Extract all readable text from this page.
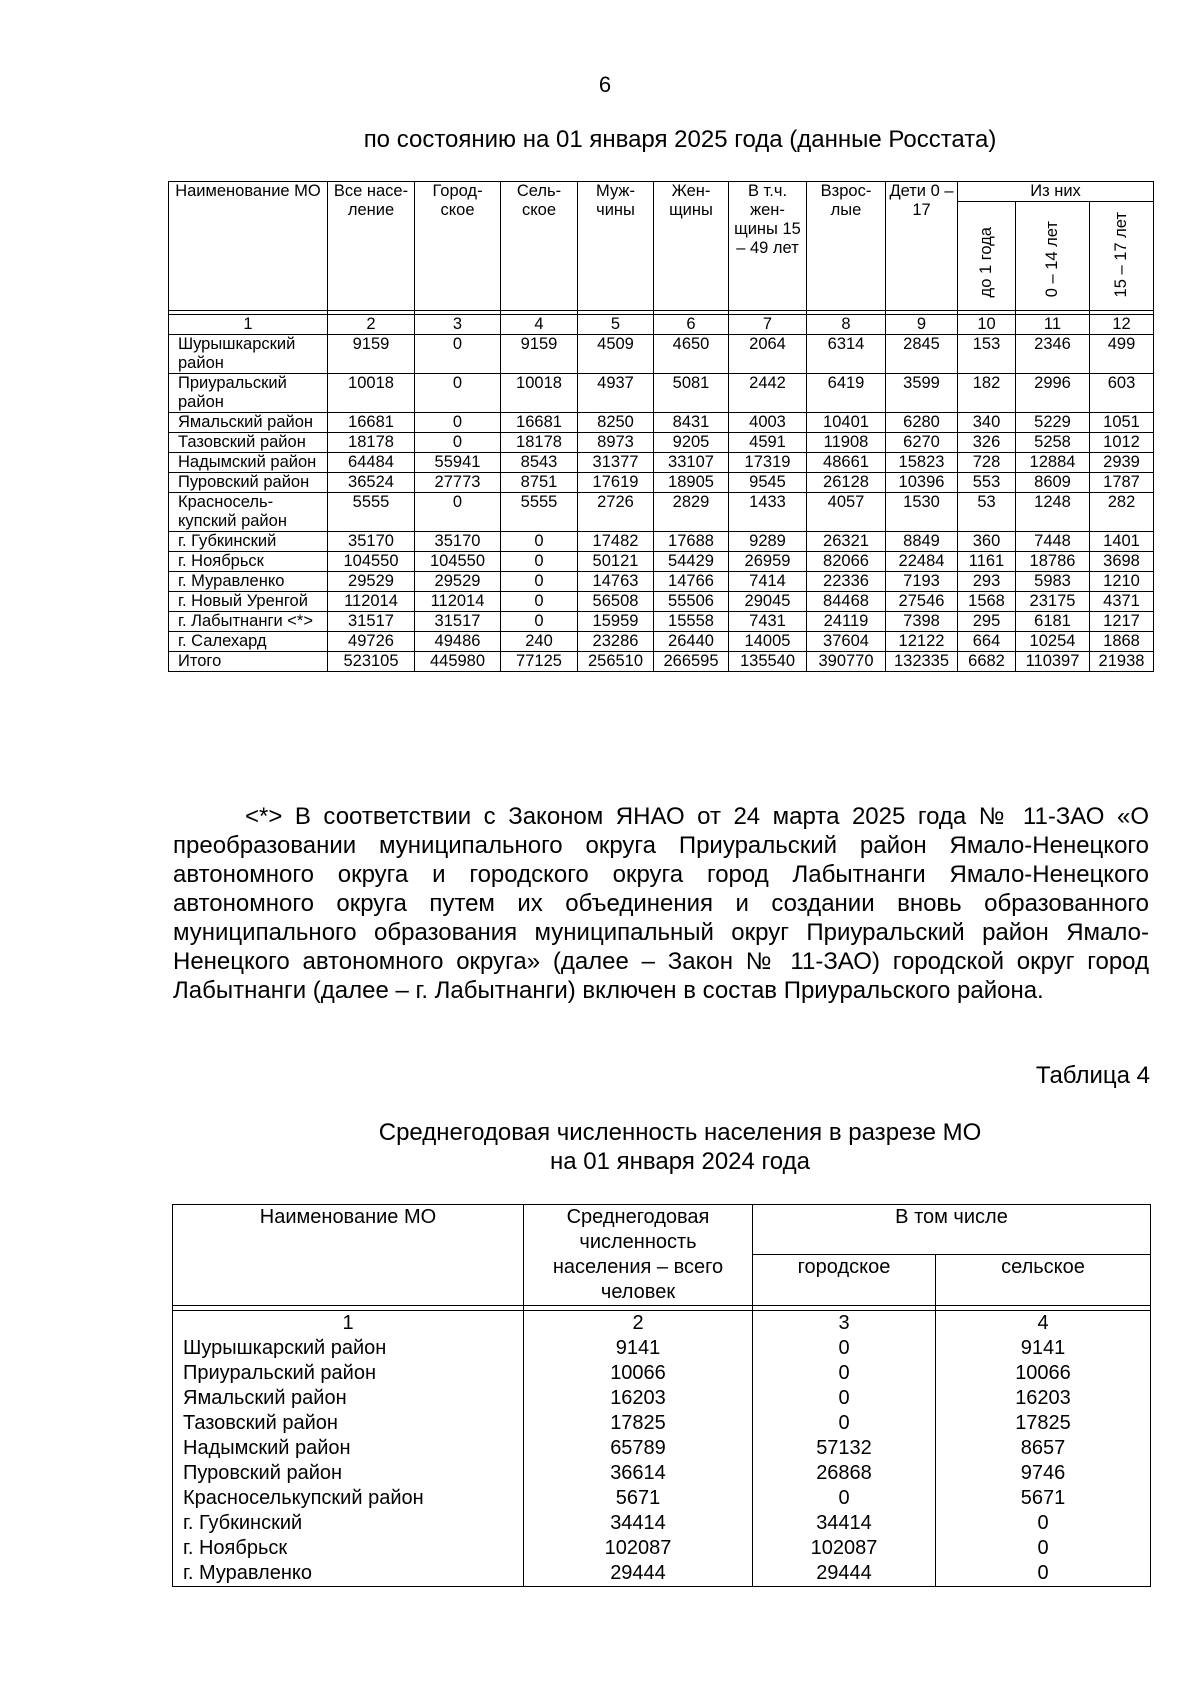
6
по состоянию на 01 января 2025 года (данные Росстата)
Наименование МО	Все насе-ление	Город-ское	Сель-ское	Муж-чины	Жен-щины	В т.ч. жен-щины 15 – 49 лет	Взрос-лые	Дети 0 – 17	Из них		
									до 1 года	0 – 14 лет	15 – 17 лет

1	2	3	4	5	6	7	8	9	10	11	12
Шурышкарский район	9159	0	9159	4509	4650	2064	6314	2845	153	2346	499
Приуральский район	10018	0	10018	4937	5081	2442	6419	3599	182	2996	603
Ямальский район	16681	0	16681	8250	8431	4003	10401	6280	340	5229	1051
Тазовский район	18178	0	18178	8973	9205	4591	11908	6270	326	5258	1012
Надымский район	64484	55941	8543	31377	33107	17319	48661	15823	728	12884	2939
Пуровский район	36524	27773	8751	17619	18905	9545	26128	10396	553	8609	1787
Красносель-купский район	5555	0	5555	2726	2829	1433	4057	1530	53	1248	282
г. Губкинский	35170	35170	0	17482	17688	9289	26321	8849	360	7448	1401
г. Ноябрьск	104550	104550	0	50121	54429	26959	82066	22484	1161	18786	3698
г. Муравленко	29529	29529	0	14763	14766	7414	22336	7193	293	5983	1210
г. Новый Уренгой	112014	112014	0	56508	55506	29045	84468	27546	1568	23175	4371
г. Лабытнанги <*>	31517	31517	0	15959	15558	7431	24119	7398	295	6181	1217
г. Салехард	49726	49486	240	23286	26440	14005	37604	12122	664	10254	1868
Итого	523105	445980	77125	256510	266595	135540	390770	132335	6682	110397	21938
<*> В соответствии с Законом ЯНАО от 24 марта 2025 года № 11-ЗАО «О преобразовании муниципального округа Приуральский район Ямало-Ненецкого автономного округа и городского округа город Лабытнанги Ямало-Ненецкого автономного округа путем их объединения и создании вновь образованного муниципального образования муниципальный округ Приуральский район Ямало-Ненецкого автономного округа» (далее – Закон № 11-ЗАО) городской округ город Лабытнанги (далее – г. Лабытнанги) включен в состав Приуральского района.
Таблица 4
Среднегодовая численность населения в разрезе МО
на 01 января 2024 года
Наименование МО	Среднегодовая численность населения – всего человек	В том числе	
		городское	сельское

1	2	3	4
Шурышкарский район	9141	0	9141
Приуральский район	10066	0	10066
Ямальский район	16203	0	16203
Тазовский район	17825	0	17825
Надымский район	65789	57132	8657
Пуровский район	36614	26868	9746
Красноселькупский район	5671	0	5671
г. Губкинский	34414	34414	0
г. Ноябрьск	102087	102087	0
г. Муравленко	29444	29444	0
